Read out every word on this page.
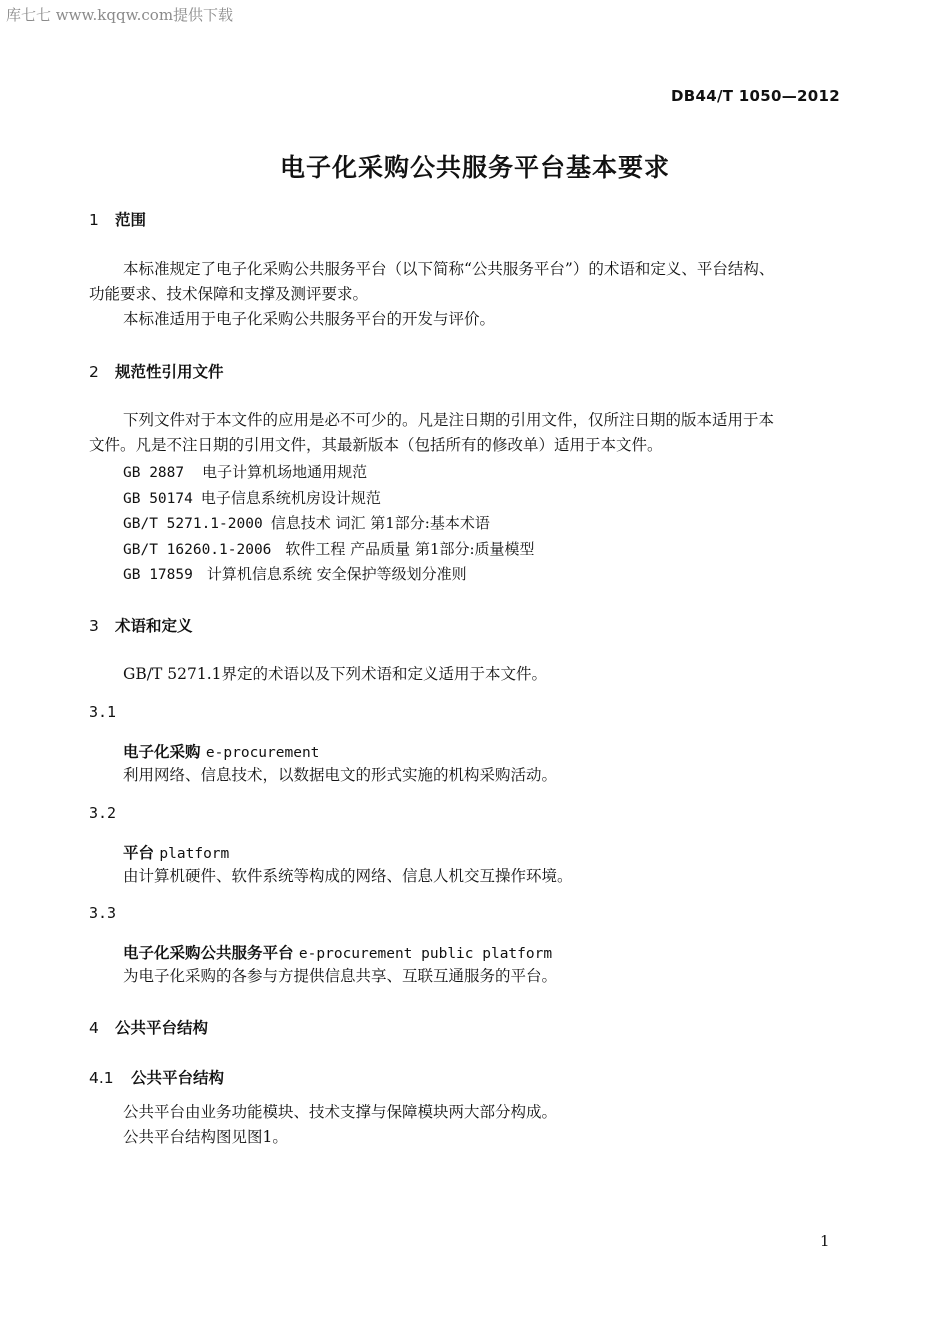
库七七 www.kqqw.com提供下载
DB44/T 1050—2012
电子化采购公共服务平台基本要求
1 范围
本标准规定了电子化采购公共服务平台（以下简称“公共服务平台”）的术语和定义、平台结构、
功能要求、技术保障和支撑及测评要求。
本标准适用于电子化采购公共服务平台的开发与评价。
2 规范性引用文件
下列文件对于本文件的应用是必不可少的。凡是注日期的引用文件，仅所注日期的版本适用于本
文件。凡是不注日期的引用文件，其最新版本（包括所有的修改单）适用于本文件。
GB 2887 电子计算机场地通用规范
GB 50174 电子信息系统机房设计规范
GB/T 5271.1-2000 信息技术 词汇 第1部分:基本术语
GB/T 16260.1-2006 软件工程 产品质量 第1部分:质量模型
GB 17859 计算机信息系统 安全保护等级划分准则
3 术语和定义
GB/T 5271.1界定的术语以及下列术语和定义适用于本文件。
3.1
电子化采购 e-procurement
利用网络、信息技术，以数据电文的形式实施的机构采购活动。
3.2
平台 platform
由计算机硬件、软件系统等构成的网络、信息人机交互操作环境。
3.3
电子化采购公共服务平台 e-procurement public platform
为电子化采购的各参与方提供信息共享、互联互通服务的平台。
4 公共平台结构
4.1 公共平台结构
公共平台由业务功能模块、技术支撑与保障模块两大部分构成。
公共平台结构图见图1。
1
